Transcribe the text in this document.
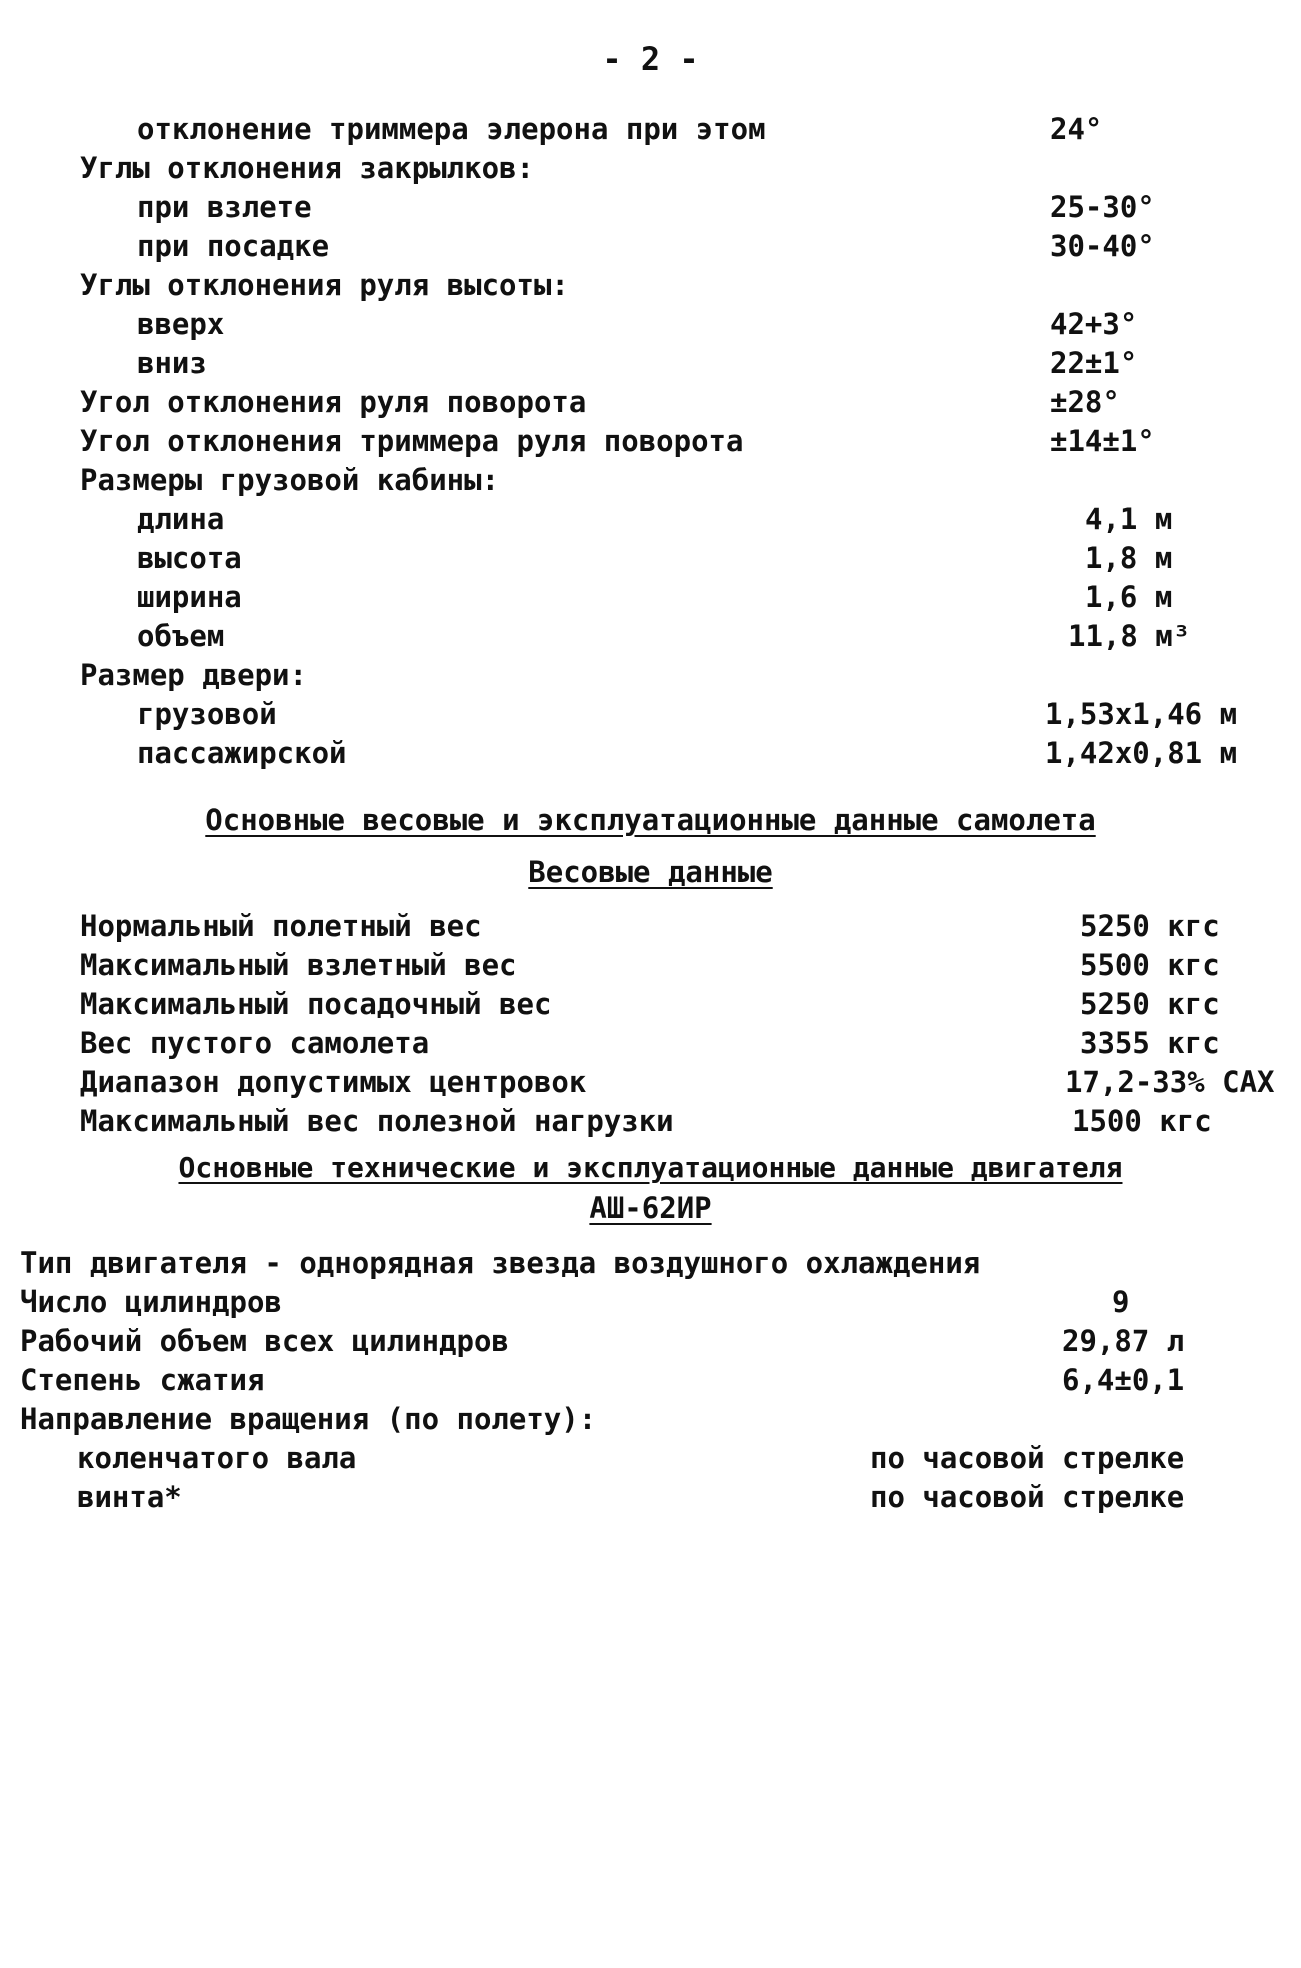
- 2 -
отклонение триммера элерона при этом	24°
Углы отклонения закрылков:
при взлете	25-30°
при посадке	30-40°
Углы отклонения руля высоты:
вверх	42+3°
вниз	22±1°
Угол отклонения руля поворота	±28°
Угол отклонения триммера руля поворота	±14±1°
Размеры грузовой кабины:
длина	4,1 м
высота	1,8 м
ширина	1,6 м
объем	11,8 м³
Размер двери:
грузовой	1,53x1,46 м
пассажирской	1,42x0,81 м
Основные весовые и эксплуатационные данные самолета
Весовые данные
Нормальный полетный вес	5250 кгс
Максимальный взлетный вес	5500 кгс
Максимальный посадочный вес	5250 кгс
Вес пустого самолета	3355 кгс
Диапазон допустимых центровок	17,2-33% САХ
Максимальный вес полезной нагрузки	1500 кгс
Основные технические и эксплуатационные данные двигателя
АШ-62ИР
Тип двигателя - однорядная звезда воздушного охлаждения
Число цилиндров	9
Рабочий объем всех цилиндров	29,87 л
Степень сжатия	6,4±0,1
Направление вращения (по полету):
коленчатого вала	по часовой стрелке
винта*	по часовой стрелке
